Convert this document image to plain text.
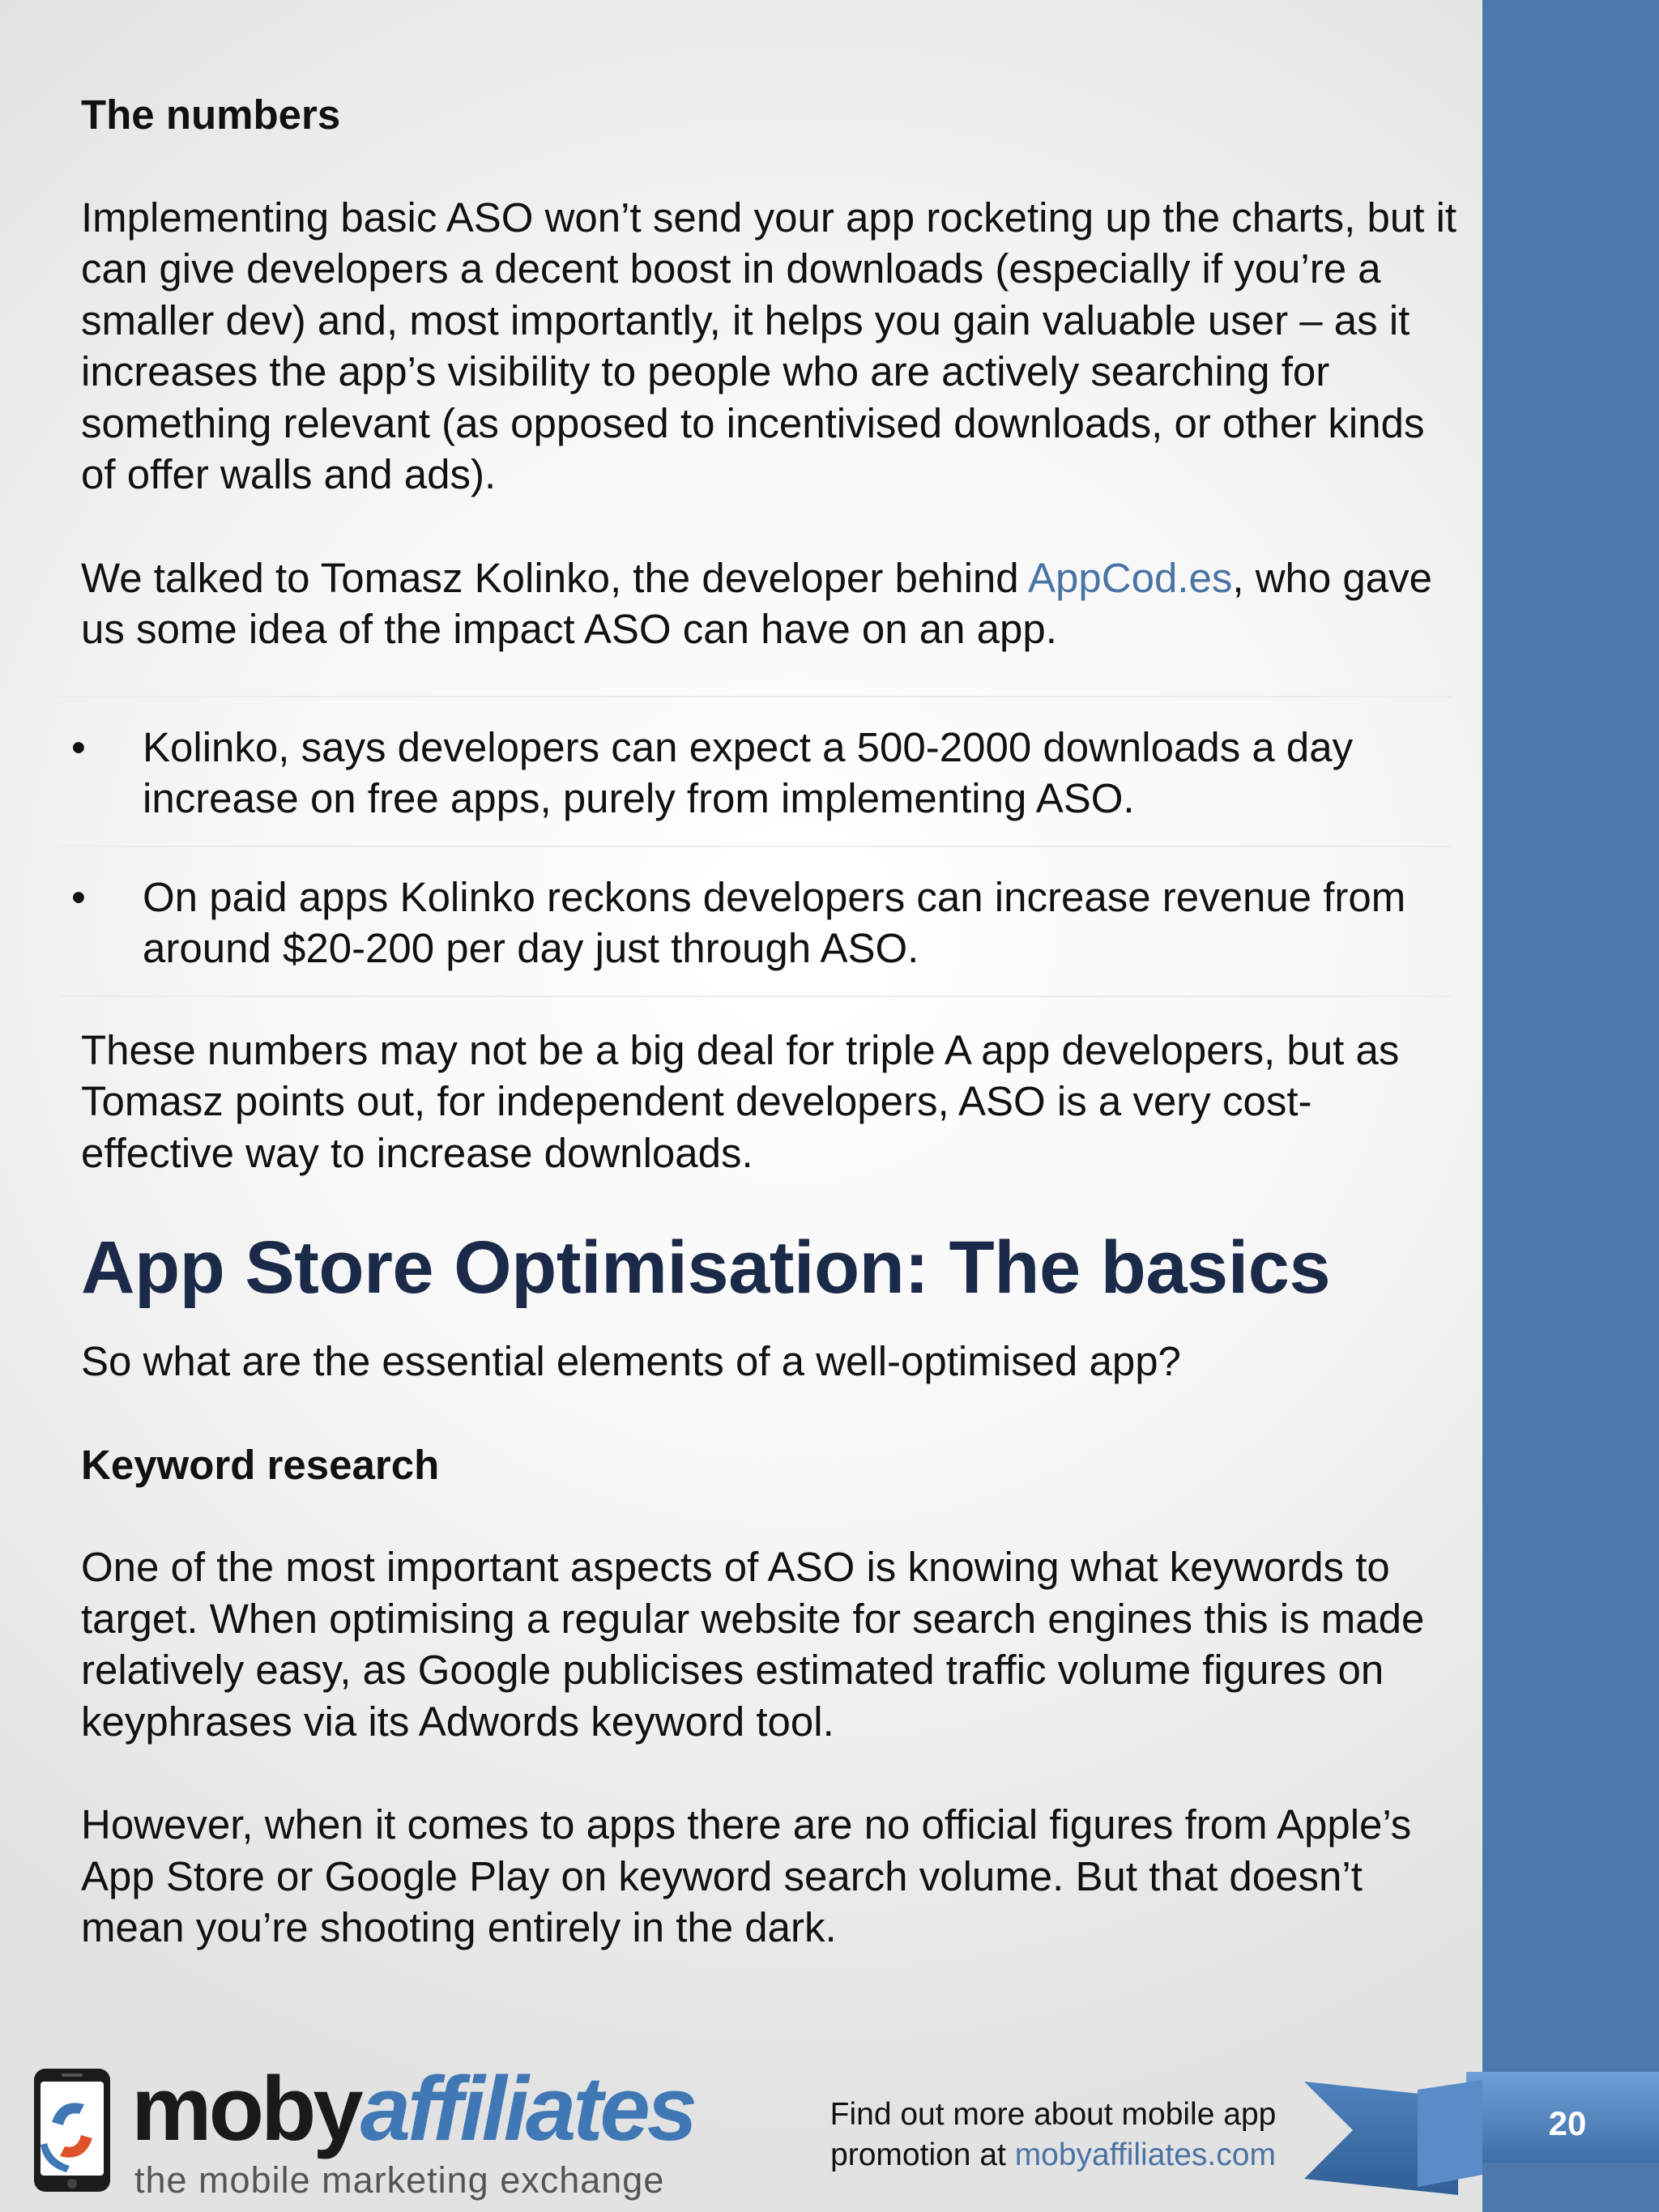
The numbers

Implementing basic ASO won’t send your app rocketing up the charts, but it can give developers a decent boost in downloads (especially if you’re a smaller dev) and, most importantly, it helps you gain valuable user – as it increases the app’s visibility to people who are actively searching for something relevant (as opposed to incentivised downloads, or other kinds of offer walls and ads).

We talked to Tomasz Kolinko, the developer behind AppCod.es, who gave us some idea of the impact ASO can have on an app.

•	Kolinko, says developers can expect a 500-2000 downloads a day increase on free apps, purely from implementing ASO.
•	On paid apps Kolinko reckons developers can increase revenue from around $20-200 per day just through ASO.

These numbers may not be a big deal for triple A app developers, but as Tomasz points out, for independent developers, ASO is a very cost-effective way to increase downloads.

App Store Optimisation: The basics

So what are the essential elements of a well-optimised app?

Keyword research

One of the most important aspects of ASO is knowing what keywords to target. When optimising a regular website for search engines this is made relatively easy, as Google publicises estimated traffic volume figures on keyphrases via its Adwords keyword tool.

However, when it comes to apps there are no official figures from Apple’s App Store or Google Play on keyword search volume. But that doesn’t mean you’re shooting entirely in the dark.

mobyaffiliates
the mobile marketing exchange
Find out more about mobile app
promotion at mobyaffiliates.com
20
